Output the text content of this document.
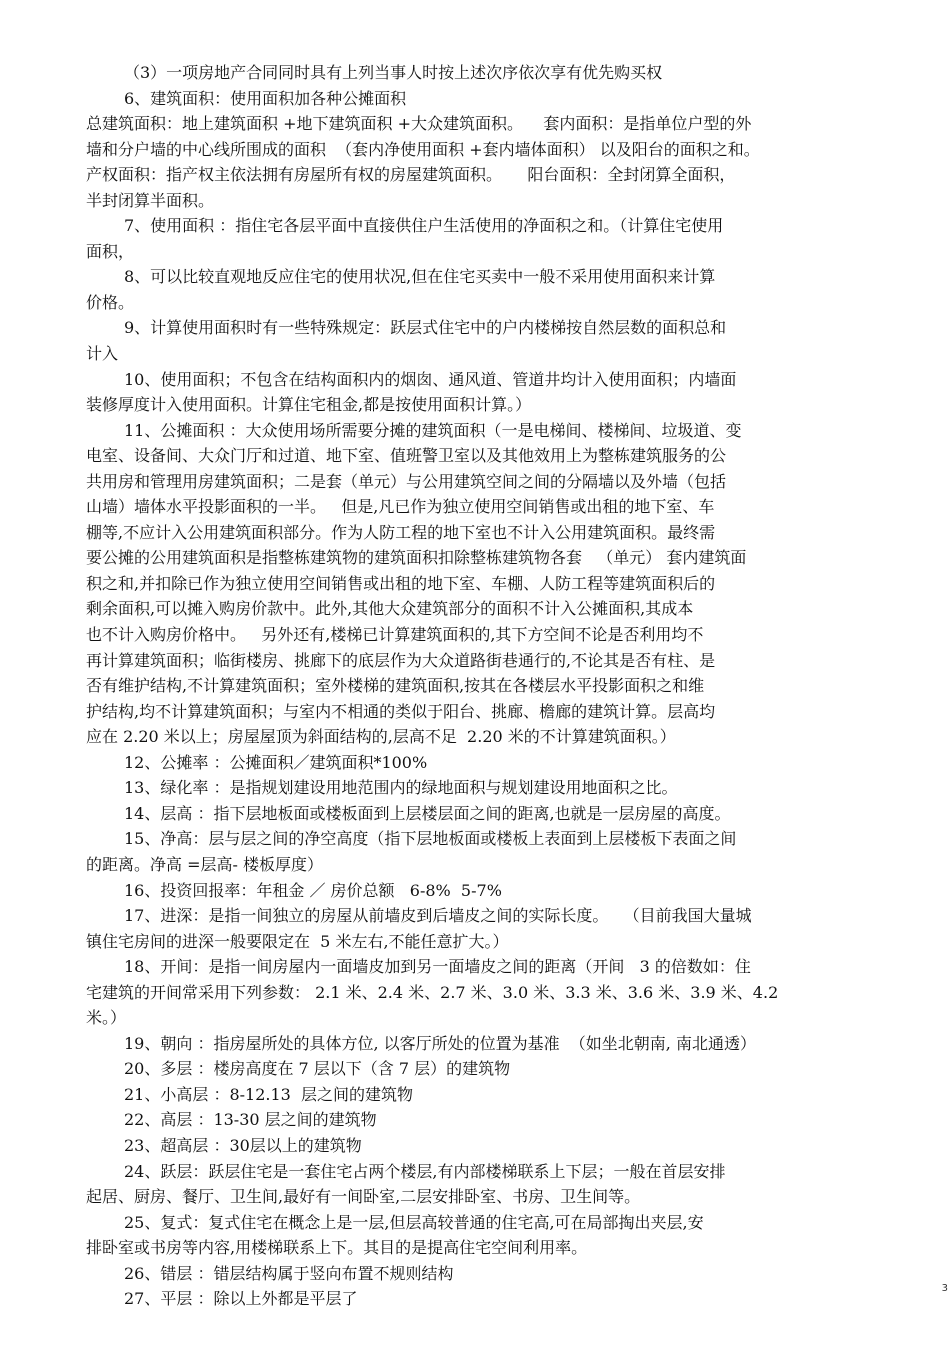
（3）一项房地产合同同时具有上列当事人时按上述次序依次享有优先购买权
6、建筑面积：使用面积加各种公摊面积
总建筑面积：地上建筑面积 +地下建筑面积 +大众建筑面积。    套内面积：是指单位户型的外
墙和分户墙的中心线所围成的面积  （套内净使用面积 +套内墙体面积） 以及阳台的面积之和。
产权面积：指产权主依法拥有房屋所有权的房屋建筑面积。     阳台面积：全封闭算全面积，
半封闭算半面积。
7、使用面积 ：指住宅各层平面中直接供住户生活使用的净面积之和。（计算住宅使用
面积，
8、可以比较直观地反应住宅的使用状况,但在住宅买卖中一般不采用使用面积来计算
价格。
9、计算使用面积时有一些特殊规定：跃层式住宅中的户内楼梯按自然层数的面积总和
计入
10、使用面积；不包含在结构面积内的烟囱、通风道、管道井均计入使用面积；内墙面
装修厚度计入使用面积。计算住宅租金,都是按使用面积计算。）
11、公摊面积 ：大众使用场所需要分摊的建筑面积（一是电梯间、楼梯间、垃圾道、变
电室、设备间、大众门厅和过道、地下室、值班警卫室以及其他效用上为整栋建筑服务的公
共用房和管理用房建筑面积；二是套（单元）与公用建筑空间之间的分隔墙以及外墙（包括
山墙）墙体水平投影面积的一半。   但是,凡已作为独立使用空间销售或出租的地下室、车
棚等,不应计入公用建筑面积部分。作为人防工程的地下室也不计入公用建筑面积。最终需
要公摊的公用建筑面积是指整栋建筑物的建筑面积扣除整栋建筑物各套   （单元） 套内建筑面
积之和,并扣除已作为独立使用空间销售或出租的地下室、车棚、人防工程等建筑面积后的
剩余面积,可以摊入购房价款中。此外,其他大众建筑部分的面积不计入公摊面积,其成本
也不计入购房价格中。   另外还有,楼梯已计算建筑面积的,其下方空间不论是否利用均不
再计算建筑面积；临街楼房、挑廊下的底层作为大众道路街巷通行的,不论其是否有柱、是
否有维护结构,不计算建筑面积；室外楼梯的建筑面积,按其在各楼层水平投影面积之和维
护结构,均不计算建筑面积；与室内不相通的类似于阳台、挑廊、檐廊的建筑计算。层高均
应在 2.20 米以上；房屋屋顶为斜面结构的,层高不足  2.20 米的不计算建筑面积。）
12、公摊率 ：公摊面积／建筑面积*100%
13、绿化率 ：是指规划建设用地范围内的绿地面积与规划建设用地面积之比。
14、层高 ：指下层地板面或楼板面到上层楼层面之间的距离,也就是一层房屋的高度。
15、净高：层与层之间的净空高度（指下层地板面或楼板上表面到上层楼板下表面之间
的距离。净高 =层高- 楼板厚度）
16、投资回报率：年租金 ／ 房价总额   6-8%  5-7%
17、进深：是指一间独立的房屋从前墙皮到后墙皮之间的实际长度。   （目前我国大量城
镇住宅房间的进深一般要限定在  5 米左右,不能任意扩大。）
18、开间：是指一间房屋内一面墙皮加到另一面墙皮之间的距离（开间   3 的倍数如：住
宅建筑的开间常采用下列参数： 2.1 米、2.4 米、2.7 米、3.0 米、3.3 米、3.6 米、3.9 米、4.2
米。）
19、朝向 ：指房屋所处的具体方位, 以客厅所处的位置为基准  （如坐北朝南, 南北通透）
20、多层 ：楼房高度在 7 层以下（含 7 层）的建筑物
21、小高层 ：8-12.13  层之间的建筑物
22、高层 ：13-30 层之间的建筑物
23、超高层 ：30层以上的建筑物
24、跃层：跃层住宅是一套住宅占两个楼层,有内部楼梯联系上下层；一般在首层安排
起居、厨房、餐厅、卫生间,最好有一间卧室,二层安排卧室、书房、卫生间等。
25、复式：复式住宅在概念上是一层,但层高较普通的住宅高,可在局部掏出夹层,安
排卧室或书房等内容,用楼梯联系上下。其目的是提高住宅空间利用率。
26、错层 ：错层结构属于竖向布置不规则结构
27、平层 ：除以上外都是平层了
3
